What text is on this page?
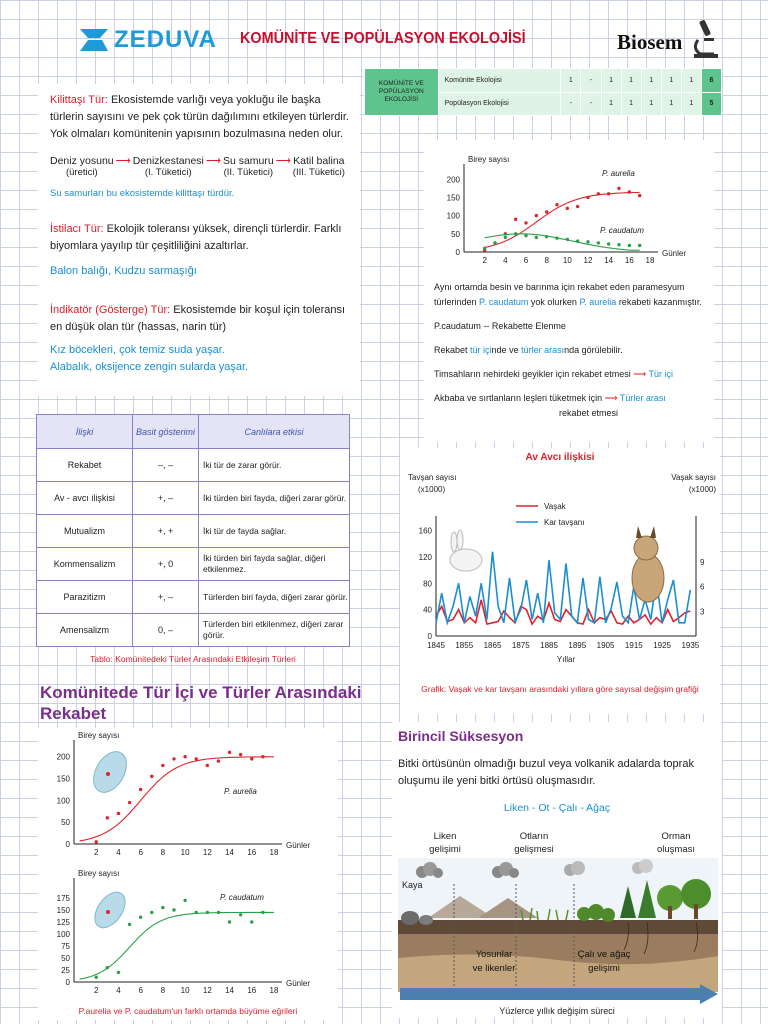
ZEDUVA KOMÜNİTE VE POPÜLASYON EKOLOJİSİ	Biosem
KOMÜNİTE VE POPÜLASYON EKOLOJİSİ	Komünite Ekolojisi	1	-	1	1	1	1	1	6
	Popülasyon Ekolojisi	-	-	1	1	1	1	1	5

Kilittaşı Tür: Ekosistemde varlığı veya yokluğu ile başka türlerin sayısını ve pek çok türün dağılımını etkileyen türlerdir. Yok olmaları komünitenin yapısının bozulmasına neden olur.

Deniz yosunu
(üretici)
⟶ Denizkestanesi
(I. Tüketici)
⟶ Su samuru
(II. Tüketici)
⟶ Katil balina
(III. Tüketici)

Su samurları bu ekosistemde kilittaşı türdür.

İstilacı Tür: Ekolojik toleransı yüksek, dirençli türlerdir. Farklı biyomlara yayılıp tür çeşitliliğini azaltırlar.

Balon balığı, Kudzu sarmaşığı

İndikatör (Gösterge) Tür: Ekosistemde bir koşul için toleransı en düşük olan tür (hassas, narin tür)

Kız böcekleri, çok temiz suda yaşar.

Alabalık, oksijence zengin sularda yaşar.

İlişki	Basit gösterimi	Canlılara etkisi
Rekabet	–, –	İki tür de zarar görür.
Av - avcı ilişkisi	+, –	İki türden biri fayda, diğeri zarar görür.
Mutualizm	+, +	İki tür de fayda sağlar.
Kommensalizm	+, 0	İki türden biri fayda sağlar, diğeri etkilenmez.
Parazitizm	+, –	Türlerden biri fayda, diğeri zarar görür.
Amensalizm	0, –	Türlerden biri etkilenmez, diğeri zarar görür.
Tablo: Komünitedeki Türler Arasındaki Etkileşim Türleri
Komünitede Tür İçi ve Türler Arasındaki Rekabet
2 4 6 8 10 12 14 16 18
0
50
100
150
200
Birey sayısı
Günler
P. aurelia
2 4 6 8 10 12 14 16 18
0
25
50
75
100
125
150
175
Birey sayısı
Günler
P. caudatum
P.aurelia ve P. caudatum'un farklı ortamda büyüme eğrileri
2 4 6 8 10 12 14 16 18
0
50
100
150
200
Birey sayısı
Günler
P. aurelia
P. caudatum

Aynı ortamda besin ve barınma için rekabet eden paramesyum türlerinden P. caudatum yok olurken P. aurelia rekabeti kazanmıştır.

P.caudatum -- Rekabette Elenme

Rekabet tür içinde ve türler arasında görülebilir.

Timsahların nehirdeki geyikler için rekabet etmesi ⟶ Tür içi

Akbaba ve sırtlanların leşleri tüketmek için ⟶ Türler arası

rekabet etmesi

Av Avcı ilişkisi
Tavşan sayısı
(x1000)
Vaşak sayısı
(x1000)
0
40
80
120
160
3
6
9
1845 1855 1865 1875 1885 1895 1905 1915 1925 1935
Yıllar
Vaşak
Kar tavşanı
Grafik: Vaşak ve kar tavşanı arasındaki yıllara göre sayısal değişim grafiği
Birincil Süksesyon
Bitki örtüsünün olmadığı buzul veya volkanik adalarda toprak oluşumu ile yeni bitki örtüsü oluşmasıdır.
Liken - Ot - Çalı - Ağaç
Liken
gelişimi
Otların
gelişmesi
Orman
oluşması
Kaya
Yosunlar
ve likenler
Çalı ve ağaç
gelişimi
Yüzlerce yıllık değişim süreci
